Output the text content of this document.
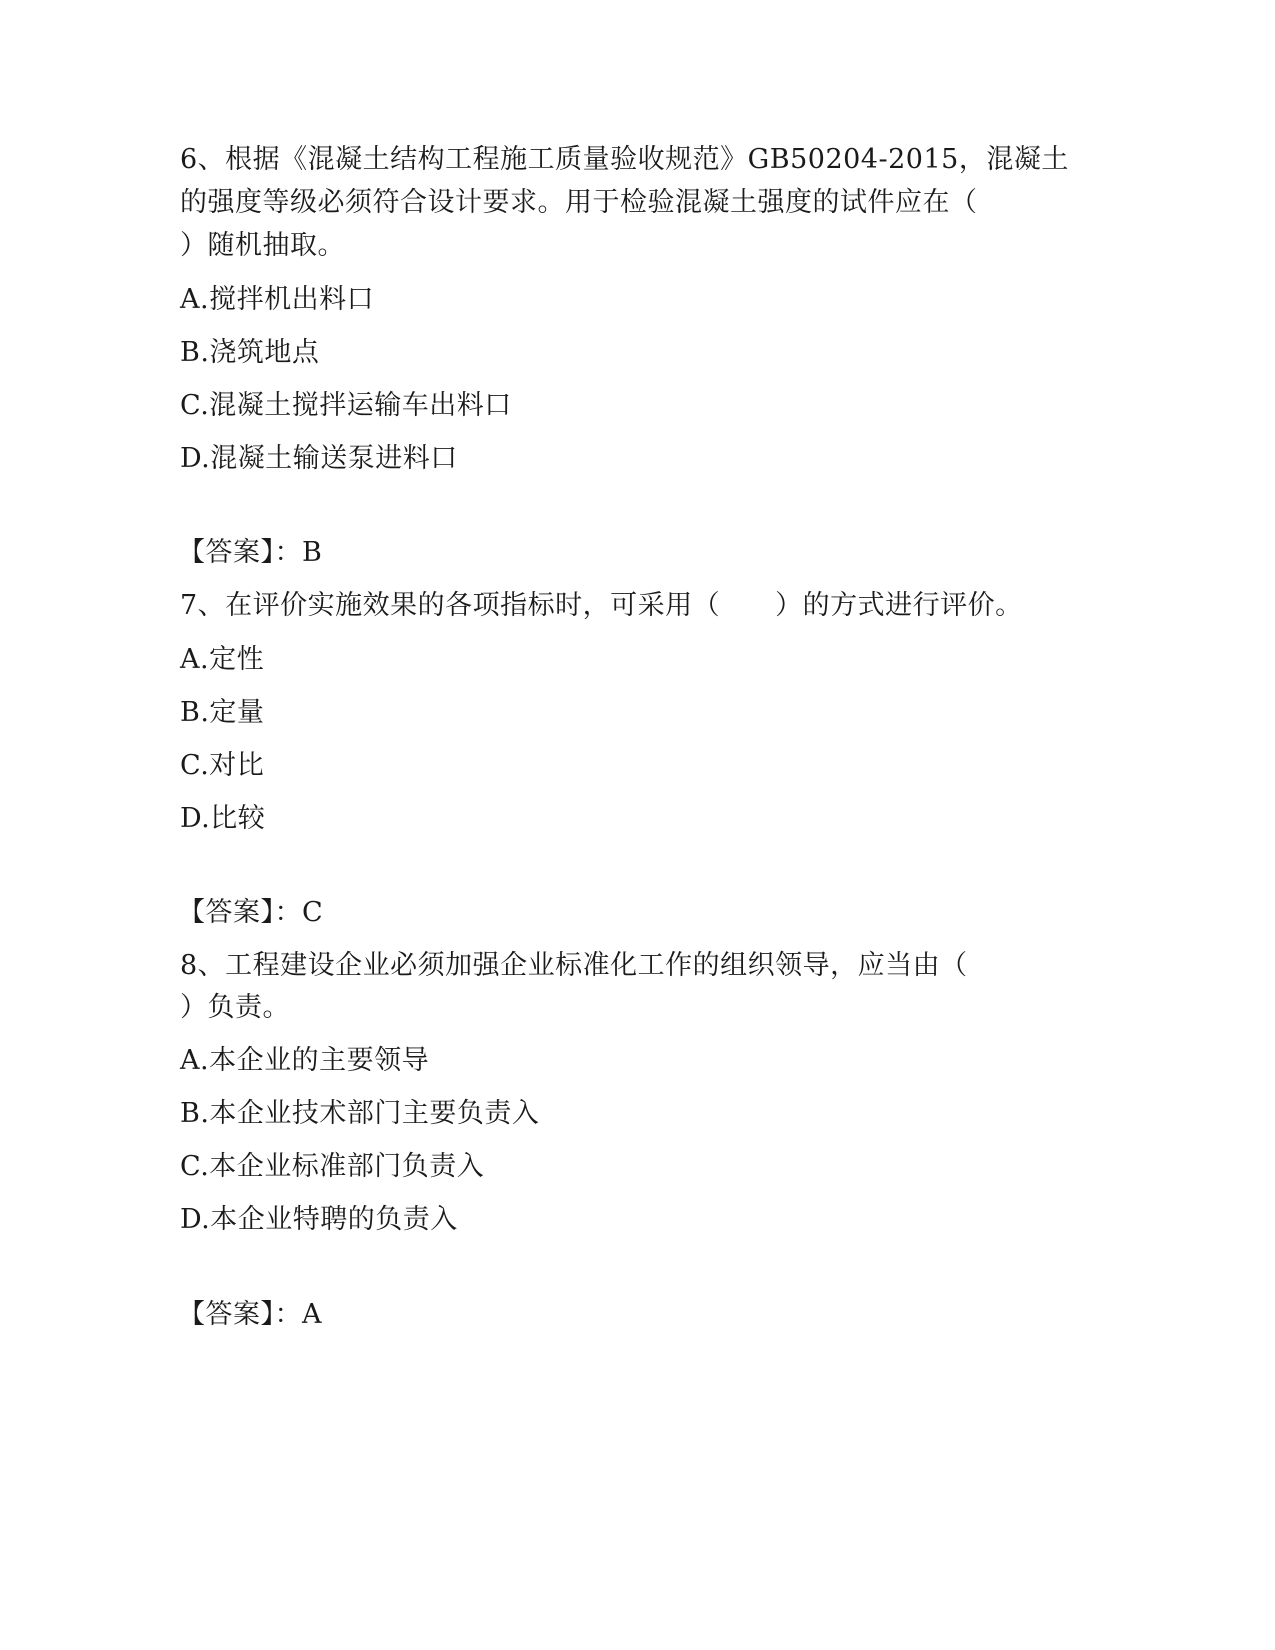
6、根据《混凝土结构工程施工质量验收规范》GB50204-2015，混凝土
的强度等级必须符合设计要求。用于检验混凝土强度的试件应在（
）随机抽取。
A.搅拌机出料口
B.浇筑地点
C.混凝土搅拌运输车出料口
D.混凝土输送泵进料口
【答案】：B
7、在评价实施效果的各项指标时，可采用（　　）的方式进行评价。
A.定性
B.定量
C.对比
D.比较
【答案】：C
8、工程建设企业必须加强企业标准化工作的组织领导，应当由（
）负责。
A.本企业的主要领导
B.本企业技术部门主要负责入
C.本企业标准部门负责入
D.本企业特聘的负责入
【答案】：A
